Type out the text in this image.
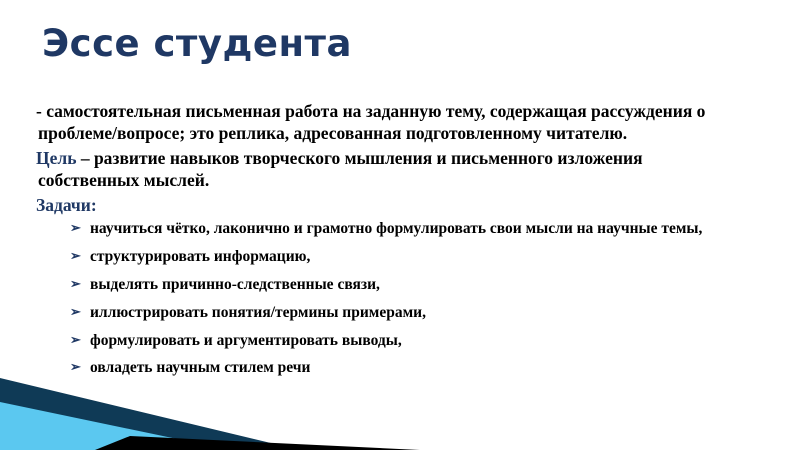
Эссе студента

- самостоятельная письменная работа на заданную тему, содержащая рассуждения о проблеме/вопросе; это реплика, адресованная подготовленному читателю.

Цель – развитие навыков творческого мышления и письменного изложения собственных мыслей.

Задачи:

➢ научиться чётко, лаконично и грамотно формулировать свои мысли на научные темы,
➢ структурировать информацию,
➢ выделять причинно-следственные связи,
➢ иллюстрировать понятия/термины примерами,
➢ формулировать и аргументировать выводы,
➢ овладеть научным стилем речи
